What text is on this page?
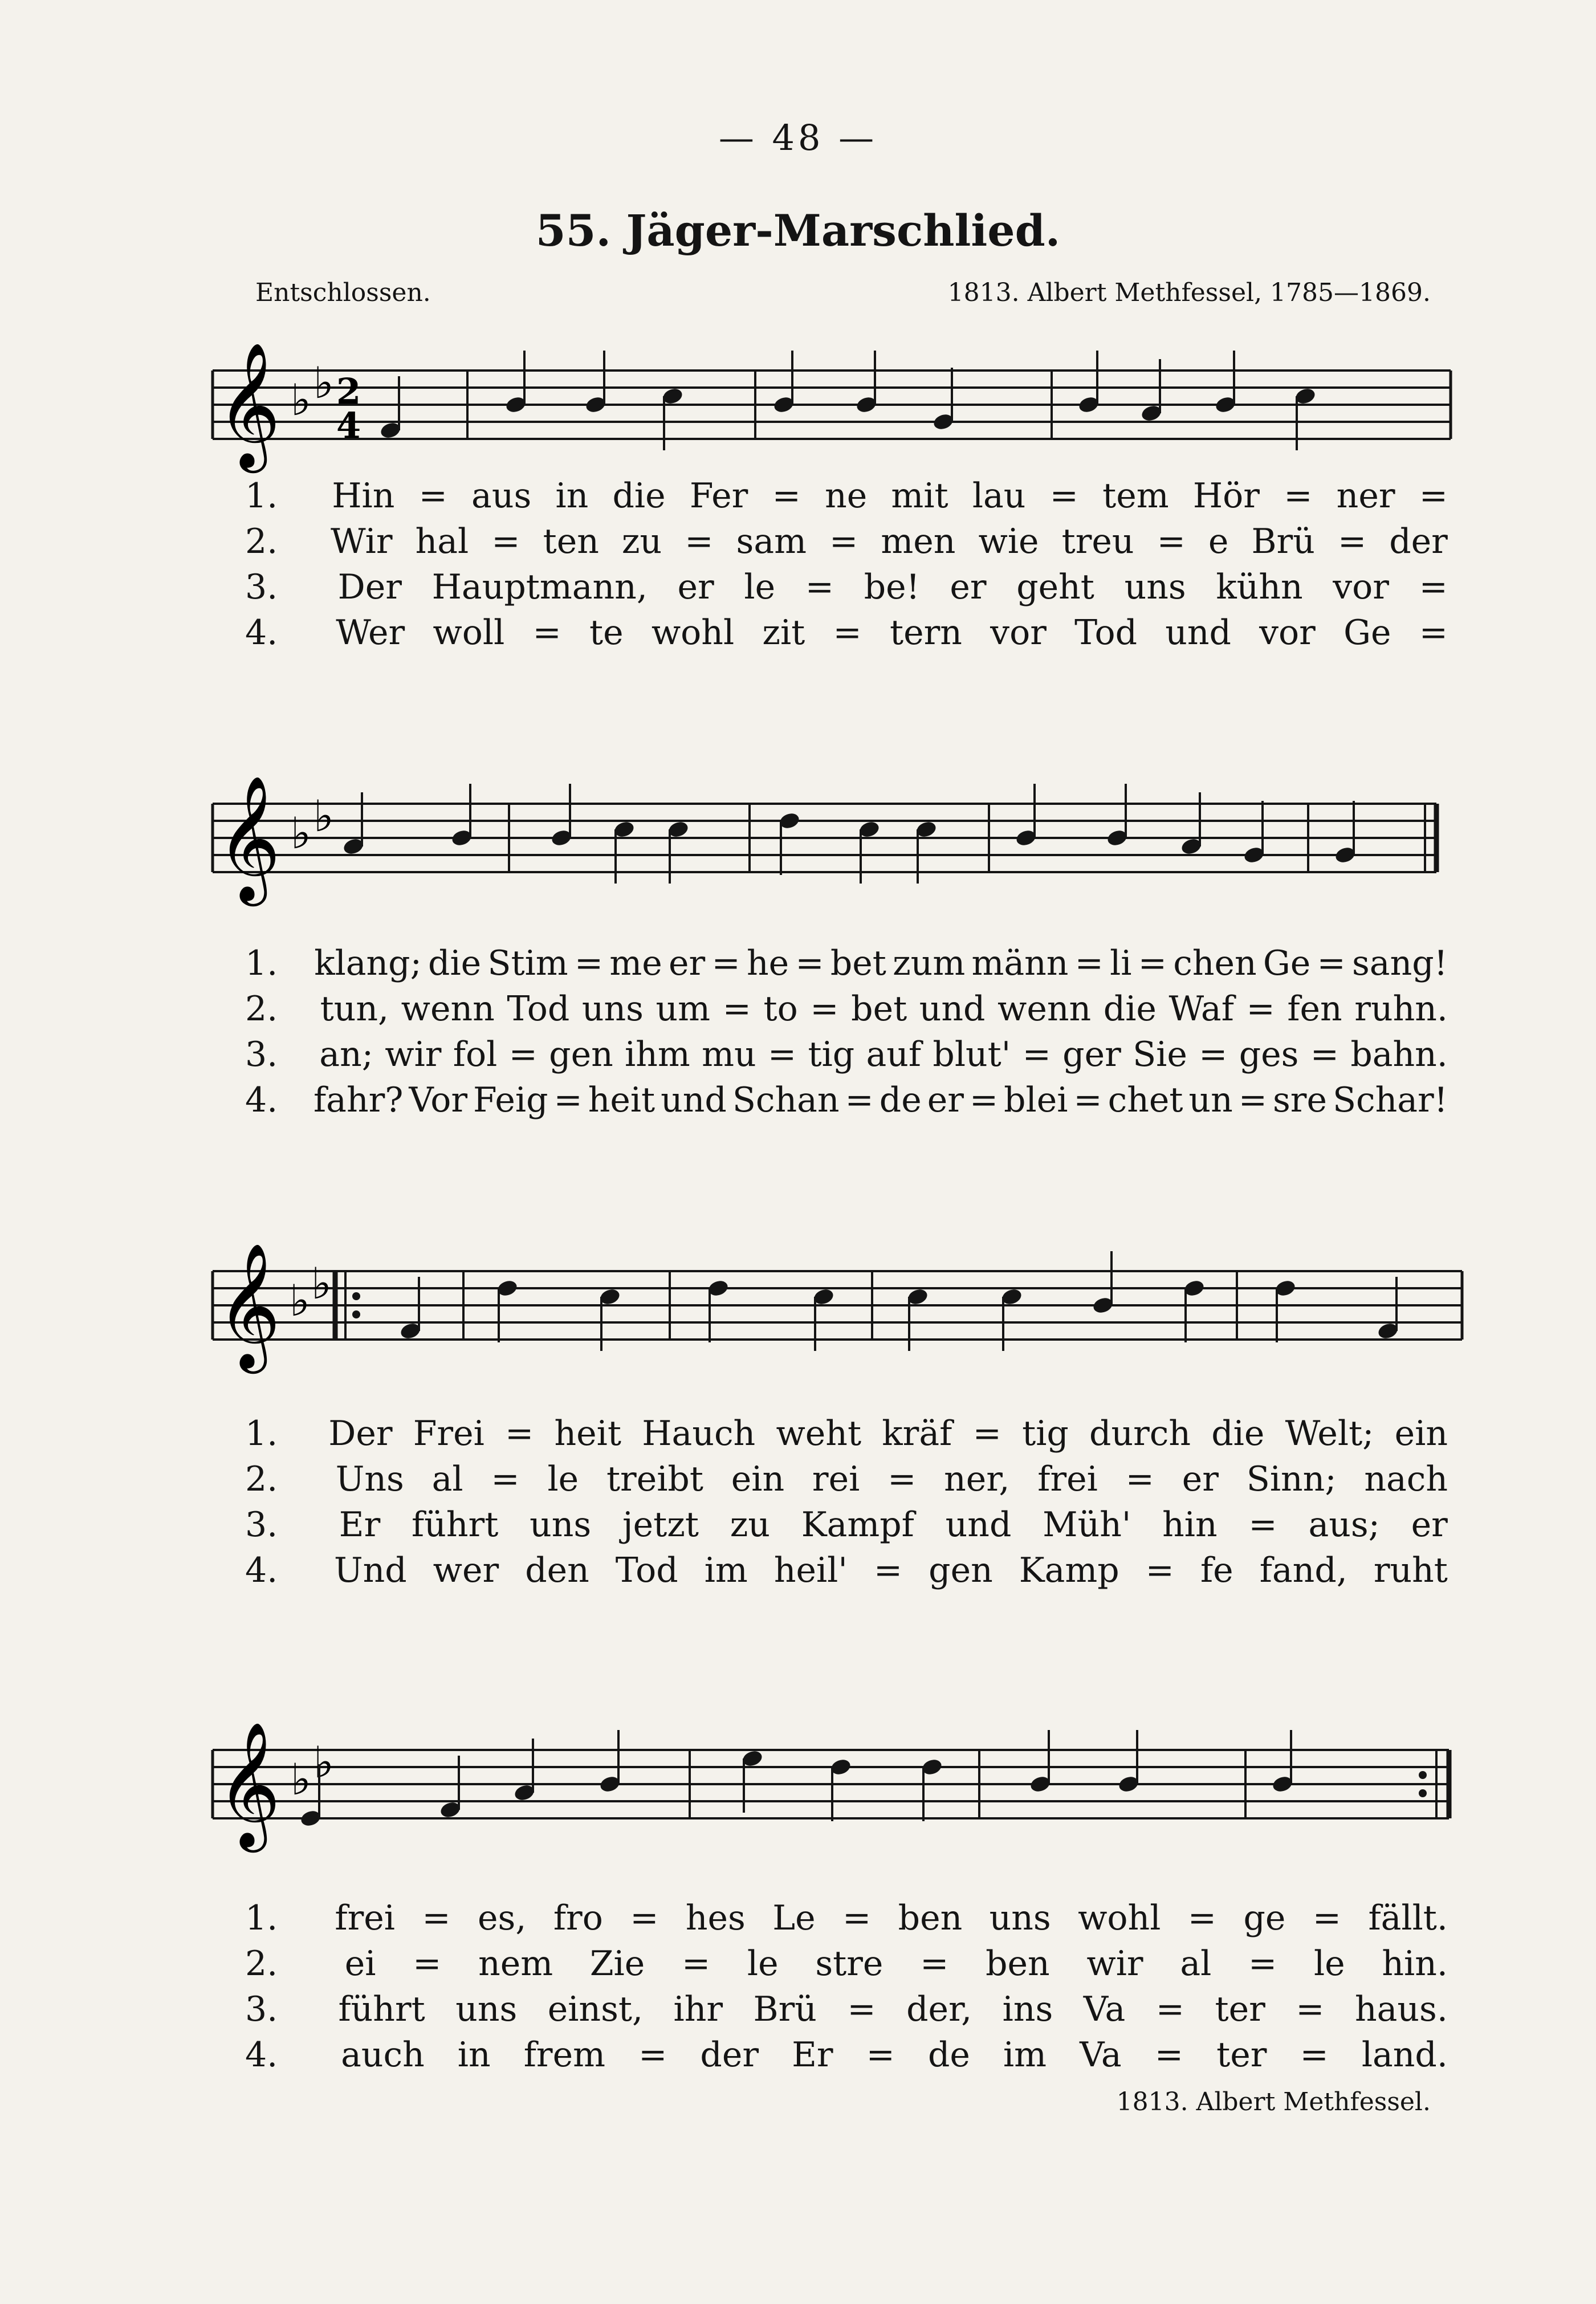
— 48 —
55. Jäger-Marschlied.
Entschlossen.	1813. Albert Methfessel, 1785—1869.
𝄞 ♭ ♭ 2
4
1.	Hin = aus in die Fer = ne mit lau = tem Hör = ner =
2.	Wir hal = ten zu = sam = men wie treu = e Brü = der
3.	Der Hauptmann, er le = be! er geht uns kühn vor =
4.	Wer woll = te wohl zit = tern vor Tod und vor Ge =
𝄞 ♭ ♭
1.	klang; die Stim = me er = he = bet zum männ = li = chen Ge = sang!
2.	tun, wenn Tod uns um = to = bet und wenn die Waf = fen ruhn.
3.	an; wir fol = gen ihm mu = tig auf blut' = ger Sie = ges = bahn.
4.	fahr? Vor Feig = heit und Schan = de er = blei = chet un = sre Schar!
𝄞 ♭ ♭
1.	Der Frei = heit Hauch weht kräf = tig durch die Welt; ein
2.	Uns al = le treibt ein rei = ner, frei = er Sinn; nach
3.	Er führt uns jetzt zu Kampf und Müh' hin = aus; er
4.	Und wer den Tod im heil' = gen Kamp = fe fand, ruht
𝄞 ♭ ♭
1.	frei = es, fro = hes Le = ben uns wohl = ge = fällt.
2.	ei = nem Zie = le stre = ben wir al = le hin.
3.	führt uns einst, ihr Brü = der, ins Va = ter = haus.
4.	auch in frem = der Er = de im Va = ter = land.
1813. Albert Methfessel.
